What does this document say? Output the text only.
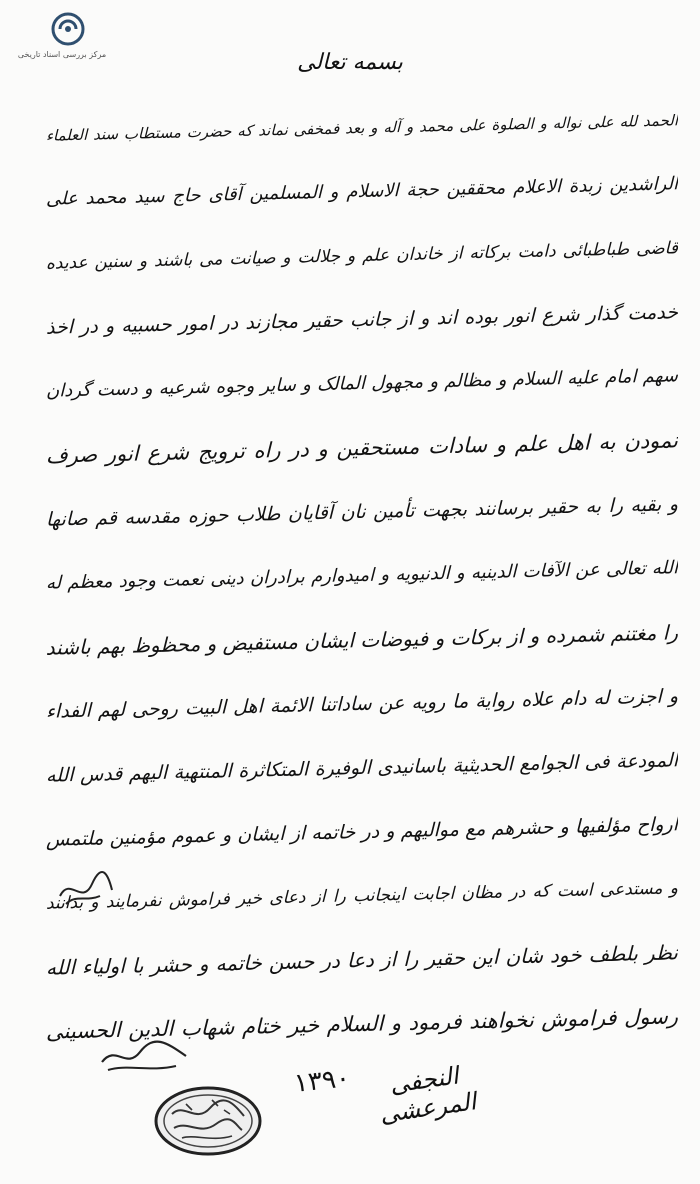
مرکز بررسی اسناد تاریخی	بسمه تعالی
الحمد لله علی نواله و الصلوة علی محمد و آله و بعد فمخفی نماند که حضرت مستطاب سند العلماء
الراشدین زبدة الاعلام محققین حجة الاسلام و المسلمین آقای حاج سید محمد علی
قاضی طباطبائی دامت برکاته از خاندان علم و جلالت و صیانت می باشند و سنین عدیده
خدمت گذار شرع انور بوده اند و از جانب حقیر مجازند در امور حسبیه و در اخذ
سهم امام علیه السلام و مظالم و مجهول المالک و سایر وجوه شرعیه و دست گردان
نمودن به اهل علم و سادات مستحقین و در راه ترویج شرع انور صرف
و بقیه را به حقیر برسانند بجهت تأمین نان آقایان طلاب حوزه مقدسه قم صانها
الله تعالی عن الآفات الدینیه و الدنیویه و امیدوارم برادران دینی نعمت وجود معظم له
را مغتنم شمرده و از برکات و فیوضات ایشان مستفیض و محظوظ بهم باشند
و اجزت له دام علاه روایة ما رویه عن ساداتنا الائمة اهل البیت روحی لهم الفداء
المودعة فی الجوامع الحدیثیة باسانیدی الوفیرة المتکاثرة المنتهیة الیهم قدس الله
ارواح مؤلفیها و حشرهم مع موالیهم و در خاتمه از ایشان و عموم مؤمنین ملتمس
و مستدعی است که در مظان اجابت اینجانب را از دعای خیر فراموش نفرمایند و بدانند
نظر بلطف خود شان این حقیر را از دعا در حسن خاتمه و حشر با اولیاء الله
رسول فراموش نخواهند فرمود و السلام خیر ختام شهاب الدین الحسینی
۱۳۹۰	النجفی المرعشی
